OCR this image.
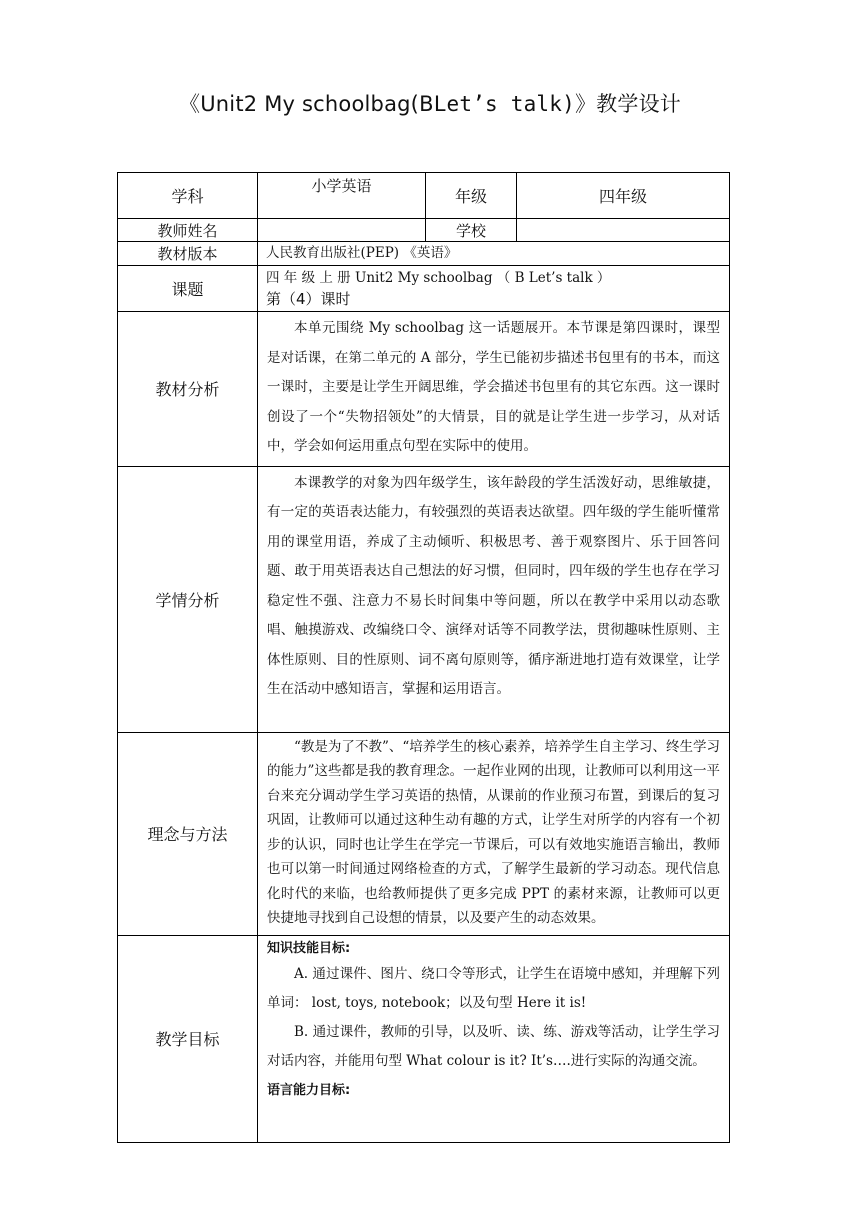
《Unit2 My schoolbag(BLet’s talk)》教学设计
学科	小学英语	年级	四年级
教师姓名		学校	
教材版本	人民教育出版社(PEP) 《英语》		
课题	四 年 级 上 册 Unit2 My schoolbag （ B Let’s talk ）
第（4）课时		

教材分析	本单元围绕 My schoolbag 这一话题展开。本节课是第四课时，课型是对话课，在第二单元的 A 部分，学生已能初步描述书包里有的书本，而这一课时，主要是让学生开阔思维，学会描述书包里有的其它东西。这一课时创设了一个“失物招领处”的大情景，目的就是让学生进一步学习，从对话中，学会如何运用重点句型在实际中的使用。		

学情分析	本课教学的对象为四年级学生，该年龄段的学生活泼好动，思维敏捷，有一定的英语表达能力，有较强烈的英语表达欲望。四年级的学生能听懂常用的课堂用语，养成了主动倾听、积极思考、善于观察图片、乐于回答问题、敢于用英语表达自己想法的好习惯，但同时，四年级的学生也存在学习稳定性不强、注意力不易长时间集中等问题，所以在教学中采用以动态歌唱、触摸游戏、改编绕口令、演绎对话等不同教学法，贯彻趣味性原则、主体性原则、目的性原则、词不离句原则等，循序渐进地打造有效课堂，让学生在活动中感知语言，掌握和运用语言。		

理念与方法	“教是为了不教”、“培养学生的核心素养，培养学生自主学习、终生学习的能力”这些都是我的教育理念。一起作业网的出现，让教师可以利用这一平台来充分调动学生学习英语的热情，从课前的作业预习布置，到课后的复习巩固，让教师可以通过这种生动有趣的方式，让学生对所学的内容有一个初步的认识，同时也让学生在学完一节课后，可以有效地实施语言输出，教师也可以第一时间通过网络检查的方式，了解学生最新的学习动态。现代信息化时代的来临，也给教师提供了更多完成 PPT 的素材来源，让教师可以更快捷地寻找到自己设想的情景，以及要产生的动态效果。		

教学目标	知识技能目标:

A. 通过课件、图片、绕口令等形式，让学生在语境中感知，并理解下列单词： lost, toys, notebook；以及句型 Here it is!

B. 通过课件，教师的引导，以及听、读、练、游戏等活动，让学生学习对话内容，并能用句型 What colour is it? It’s….进行实际的沟通交流。

语言能力目标:		
